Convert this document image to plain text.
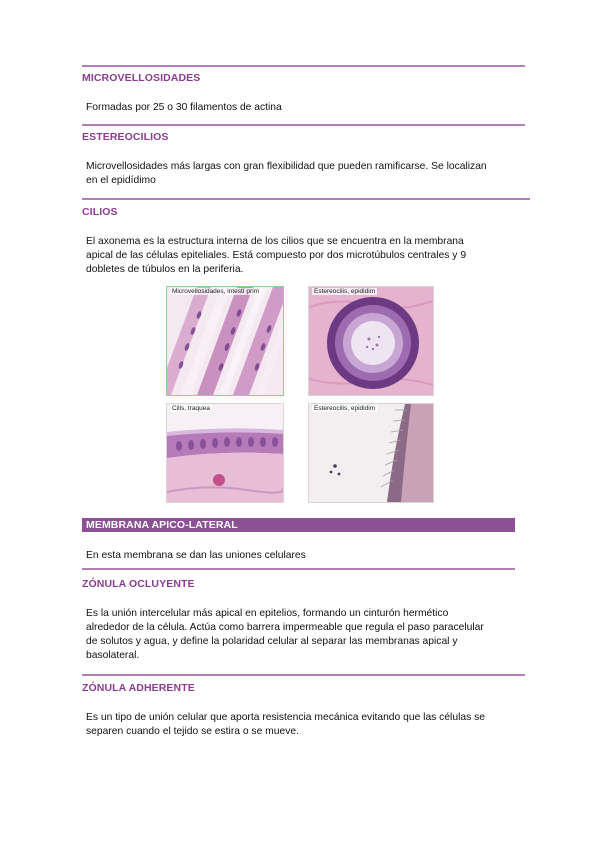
MICROVELLOSIDADES
Formadas por 25 o 30 filamentos de actina
ESTEREOCILIOS
Microvellosidades más largas con gran flexibilidad que pueden ramificarse. Se localizan
en el epidídimo
CILIOS
El axonema es la estructura interna de los cilios que se encuentra en la membrana
apical de las células epiteliales. Está compuesto por dos microtúbulos centrales y 9
dobletes de túbulos en la periferia.
Microvellosidades, intestí prim	Estereocilis, epididim
Cilis, traquea	Estereocilis, epididim
MEMBRANA APICO-LATERAL
En esta membrana se dan las uniones celulares
ZÓNULA OCLUYENTE
Es la unión intercelular más apical en epitelios, formando un cinturón hermético
alrededor de la célula. Actúa como barrera impermeable que regula el paso paracelular
de solutos y agua, y define la polaridad celular al separar las membranas apical y
basolateral.
ZÓNULA ADHERENTE
Es un tipo de unión celular que aporta resistencia mecánica evitando que las células se
separen cuando el tejido se estira o se mueve.
